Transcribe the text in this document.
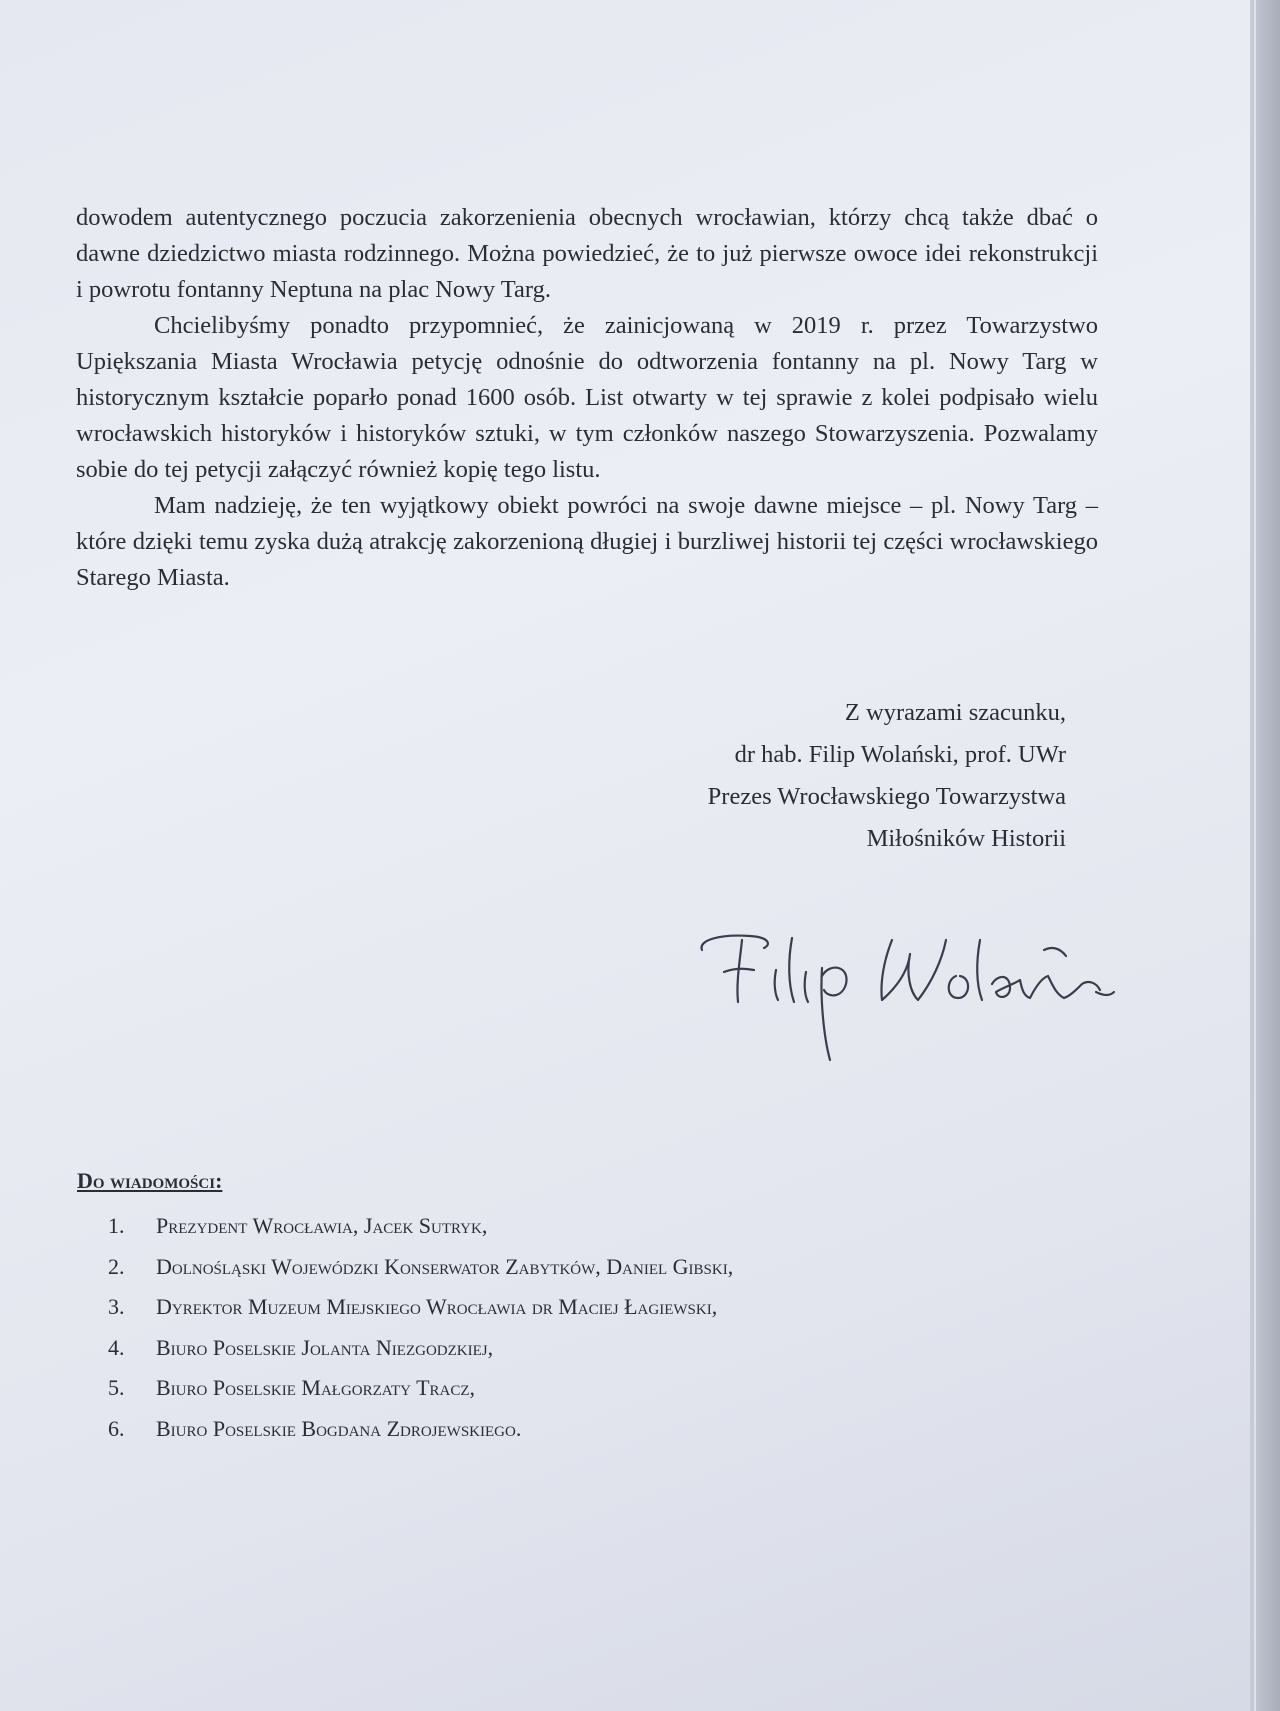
dowodem autentycznego poczucia zakorzenienia obecnych wrocławian, którzy chcą także dbać o dawne dziedzictwo miasta rodzinnego. Można powiedzieć, że to już pierwsze owoce idei rekonstrukcji i powrotu fontanny Neptuna na plac Nowy Targ.

Chcielibyśmy ponadto przypomnieć, że zainicjowaną w 2019 r. przez Towarzystwo Upiększania Miasta Wrocławia petycję odnośnie do odtworzenia fontanny na pl. Nowy Targ w historycznym kształcie poparło ponad 1600 osób. List otwarty w tej sprawie z kolei podpisało wielu wrocławskich historyków i historyków sztuki, w tym członków naszego Stowarzyszenia. Pozwalamy sobie do tej petycji załączyć również kopię tego listu.

Mam nadzieję, że ten wyjątkowy obiekt powróci na swoje dawne miejsce – pl. Nowy Targ – które dzięki temu zyska dużą atrakcję zakorzenioną długiej i burzliwej historii tej części wrocławskiego Starego Miasta.

Z wyrazami szacunku,
dr hab. Filip Wolański, prof. UWr
Prezes Wrocławskiego Towarzystwa
Miłośników Historii
Do wiadomości:
1. Prezydent Wrocławia, Jacek Sutryk,
2. Dolnośląski Wojewódzki Konserwator Zabytków, Daniel Gibski,
3. Dyrektor Muzeum Miejskiego Wrocławia dr Maciej Łagiewski,
4. Biuro Poselskie Jolanta Niezgodzkiej,
5. Biuro Poselskie Małgorzaty Tracz,
6. Biuro Poselskie Bogdana Zdrojewskiego.
